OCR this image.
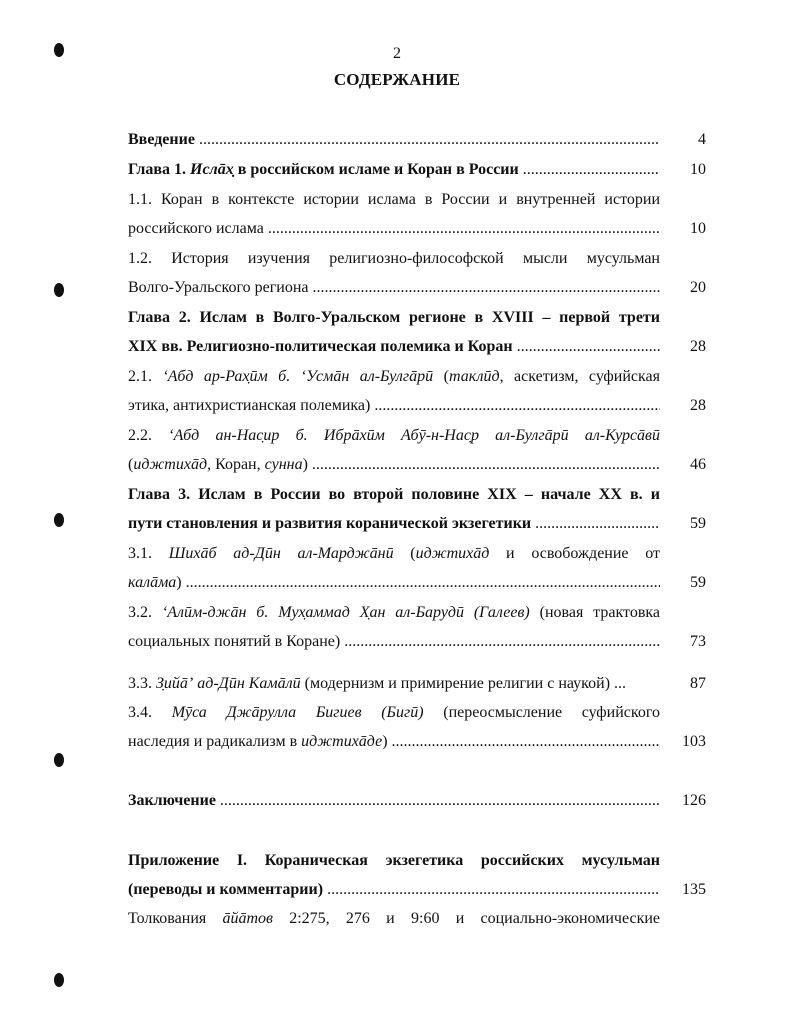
2
СОДЕРЖАНИЕ
Введение .....	4
Глава 1. Иcлāх̣ в российском исламе и Коран в России .....	10
1.1. Коран в контексте истории ислама в России и внутренней истории
российского ислама .....	10
1.2. История изучения религиозно-философской мысли мусульман
Волго-Уральского региона .....	20
Глава 2. Ислам в Волго-Уральском регионе в XVIII – первой трети
XIX вв. Религиозно-политическая полемика и Коран .....	28
2.1. ʻАбд ар-Рах̣ӣм б. ʻУсмāн ал-Булгāрӣ (таклӣд, аскетизм, суфийская
этика, антихристианская полемика) .....	28
2.2. ʻАбд ан-Нас̣ир б. Ибрāхӣм Абӯ-н-Нас̣р ал-Булгāрӣ ал-Курсāвӣ
(иджтихāд, Коран, сунна) .....	46
Глава 3. Ислам в России во второй половине XIX – начале XX в. и
пути становления и развития коранической экзегетики .....	59
3.1. Шихāб ад-Дӣн ал-Марджāнӣ (иджтихāд и освобождение от
калāма) .....	59
3.2. ʻАлӣм-джāн б. Мух̣аммад Х̣ан ал-Барудӣ (Галеев) (новая трактовка
социальных понятий в Коране) .....	73
3.3. З̣ийāʼ ад-Дӣн Камāлӣ (модернизм и примирение религии с наукой) ...	87
3.4. Мӯса Джāрулла Бигиев (Бигӣ) (переосмысление суфийского
наследия и радикализм в иджтихāде) .....	103
Заключение .....	126
Приложение I. Кораническая экзегетика российских мусульман
(переводы и комментарии) .....	135
Толкования āйāтов 2:275, 276 и 9:60 и социально-экономические
